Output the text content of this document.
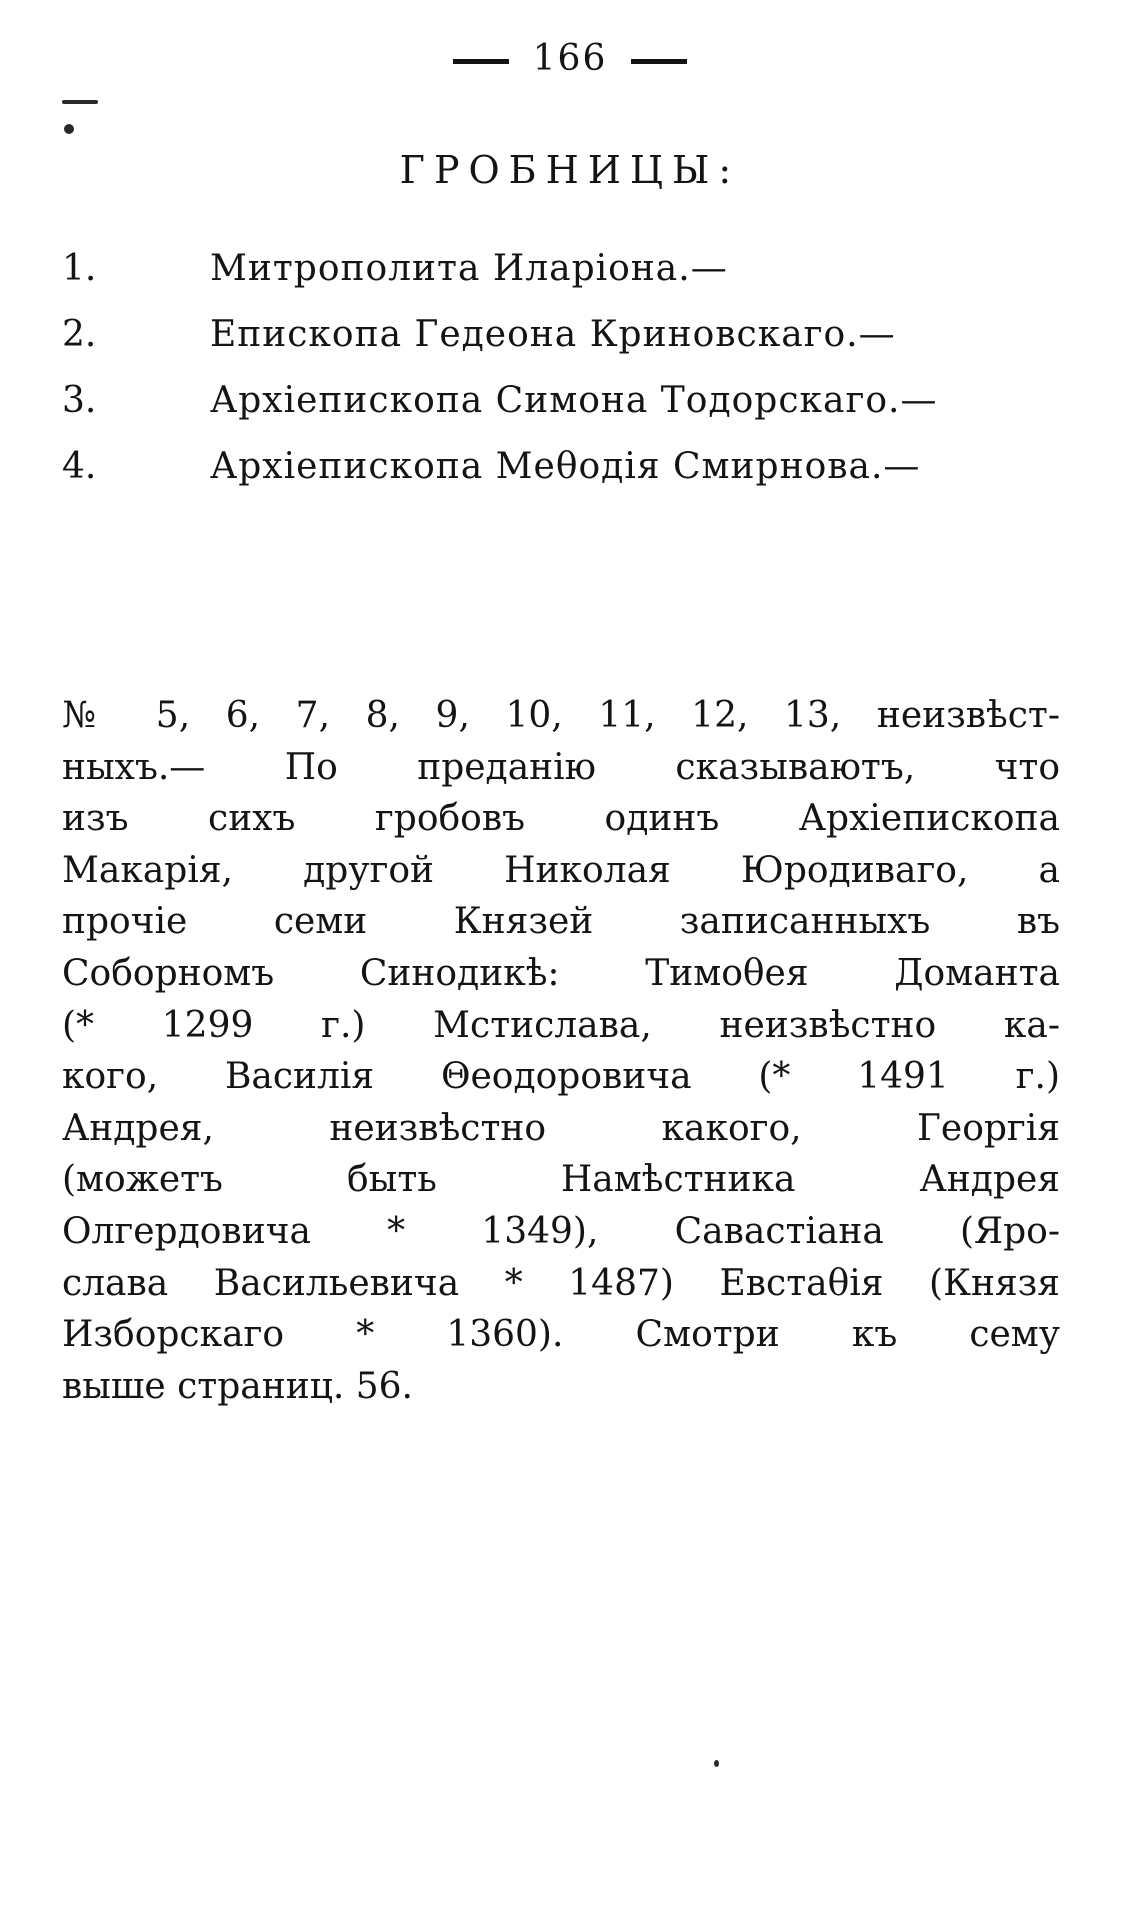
166
ГРОБНИЦЫ:
1.	Митрополита Иларіона.—
2.	Епископа Гедеона Криновскаго.—
3.	Архіепископа Симона Тодорскаго.—
4.	Архіепископа Меθодія Смирнова.—
№ 5, 6, 7, 8, 9, 10, 11, 12, 13, неизвѣст-
ныхъ.— По преданію сказываютъ, что
изъ сихъ гробовъ одинъ Архіепископа
Макарія, другой Николая Юродиваго, а
прочіе семи Князей записанныхъ въ
Соборномъ Синодикѣ: Тимоθея Доманта
(* 1299 г.) Мстислава, неизвѣстно ка-
кого, Василія Θеодоровича (* 1491 г.)
Андрея, неизвѣстно какого, Георгія
(можетъ быть Намѣстника Андрея
Олгердовича * 1349), Савастіана (Яро-
слава Васильевича * 1487) Евстаθія (Князя
Изборскаго * 1360). Смотри къ сему
выше страниц. 56.
